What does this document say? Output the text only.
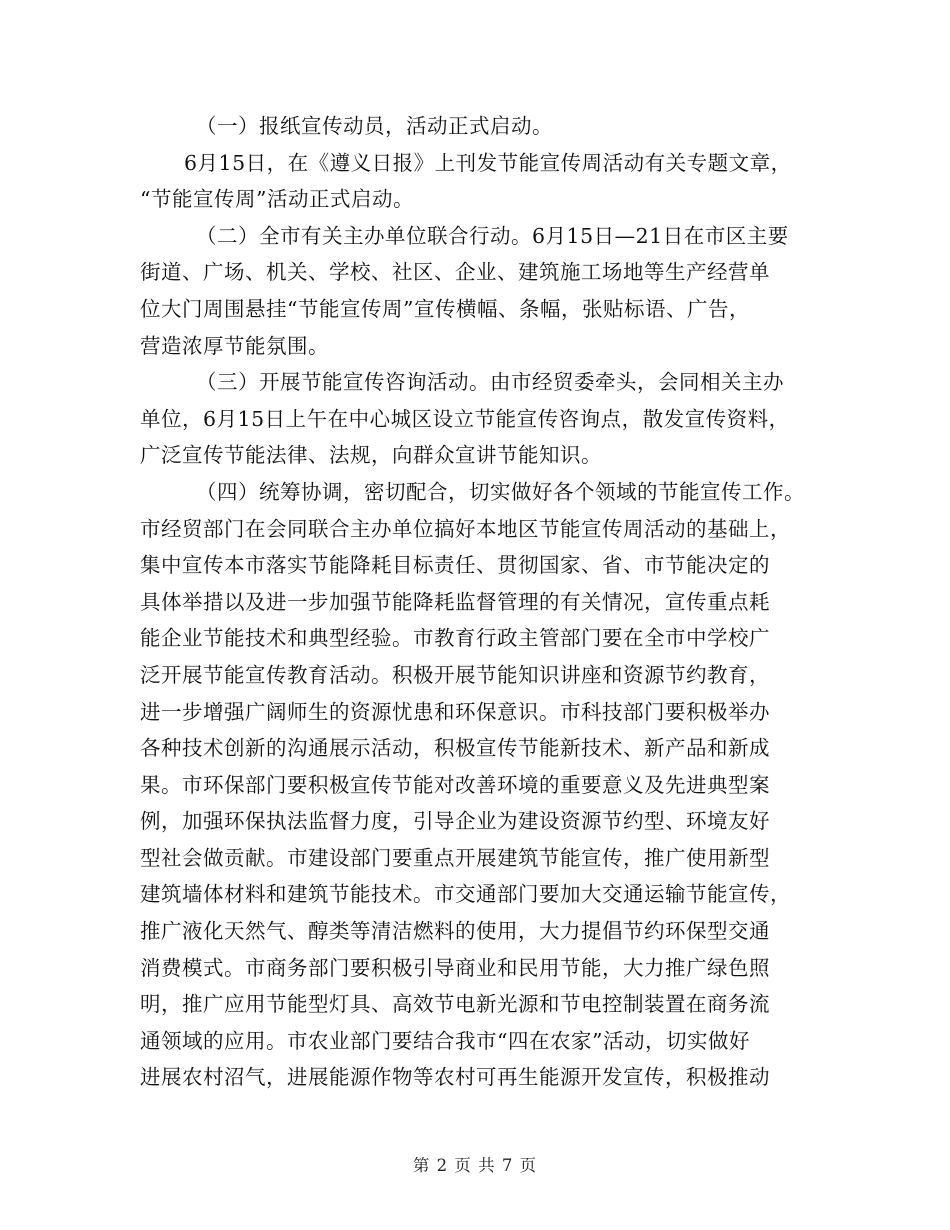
（一）报纸宣传动员，活动正式启动。
6月15日，在《遵义日报》上刊发节能宣传周活动有关专题文章，
“节能宣传周”活动正式启动。
（二）全市有关主办单位联合行动。6月15日—21日在市区主要
街道、广场、机关、学校、社区、企业、建筑施工场地等生产经营单
位大门周围悬挂“节能宣传周”宣传横幅、条幅，张贴标语、广告，
营造浓厚节能氛围。
（三）开展节能宣传咨询活动。由市经贸委牵头，会同相关主办
单位，6月15日上午在中心城区设立节能宣传咨询点，散发宣传资料，
广泛宣传节能法律、法规，向群众宣讲节能知识。
（四）统筹协调，密切配合，切实做好各个领域的节能宣传工作。
市经贸部门在会同联合主办单位搞好本地区节能宣传周活动的基础上，
集中宣传本市落实节能降耗目标责任、贯彻国家、省、市节能决定的
具体举措以及进一步加强节能降耗监督管理的有关情况，宣传重点耗
能企业节能技术和典型经验。市教育行政主管部门要在全市中学校广
泛开展节能宣传教育活动。积极开展节能知识讲座和资源节约教育，
进一步增强广阔师生的资源忧患和环保意识。市科技部门要积极举办
各种技术创新的沟通展示活动，积极宣传节能新技术、新产品和新成
果。市环保部门要积极宣传节能对改善环境的重要意义及先进典型案
例，加强环保执法监督力度，引导企业为建设资源节约型、环境友好
型社会做贡献。市建设部门要重点开展建筑节能宣传，推广使用新型
建筑墙体材料和建筑节能技术。市交通部门要加大交通运输节能宣传，
推广液化天然气、醇类等清洁燃料的使用，大力提倡节约环保型交通
消费模式。市商务部门要积极引导商业和民用节能，大力推广绿色照
明，推广应用节能型灯具、高效节电新光源和节电控制装置在商务流
通领域的应用。市农业部门要结合我市“四在农家”活动，切实做好
进展农村沼气，进展能源作物等农村可再生能源开发宣传，积极推动
第 2 页 共 7 页
